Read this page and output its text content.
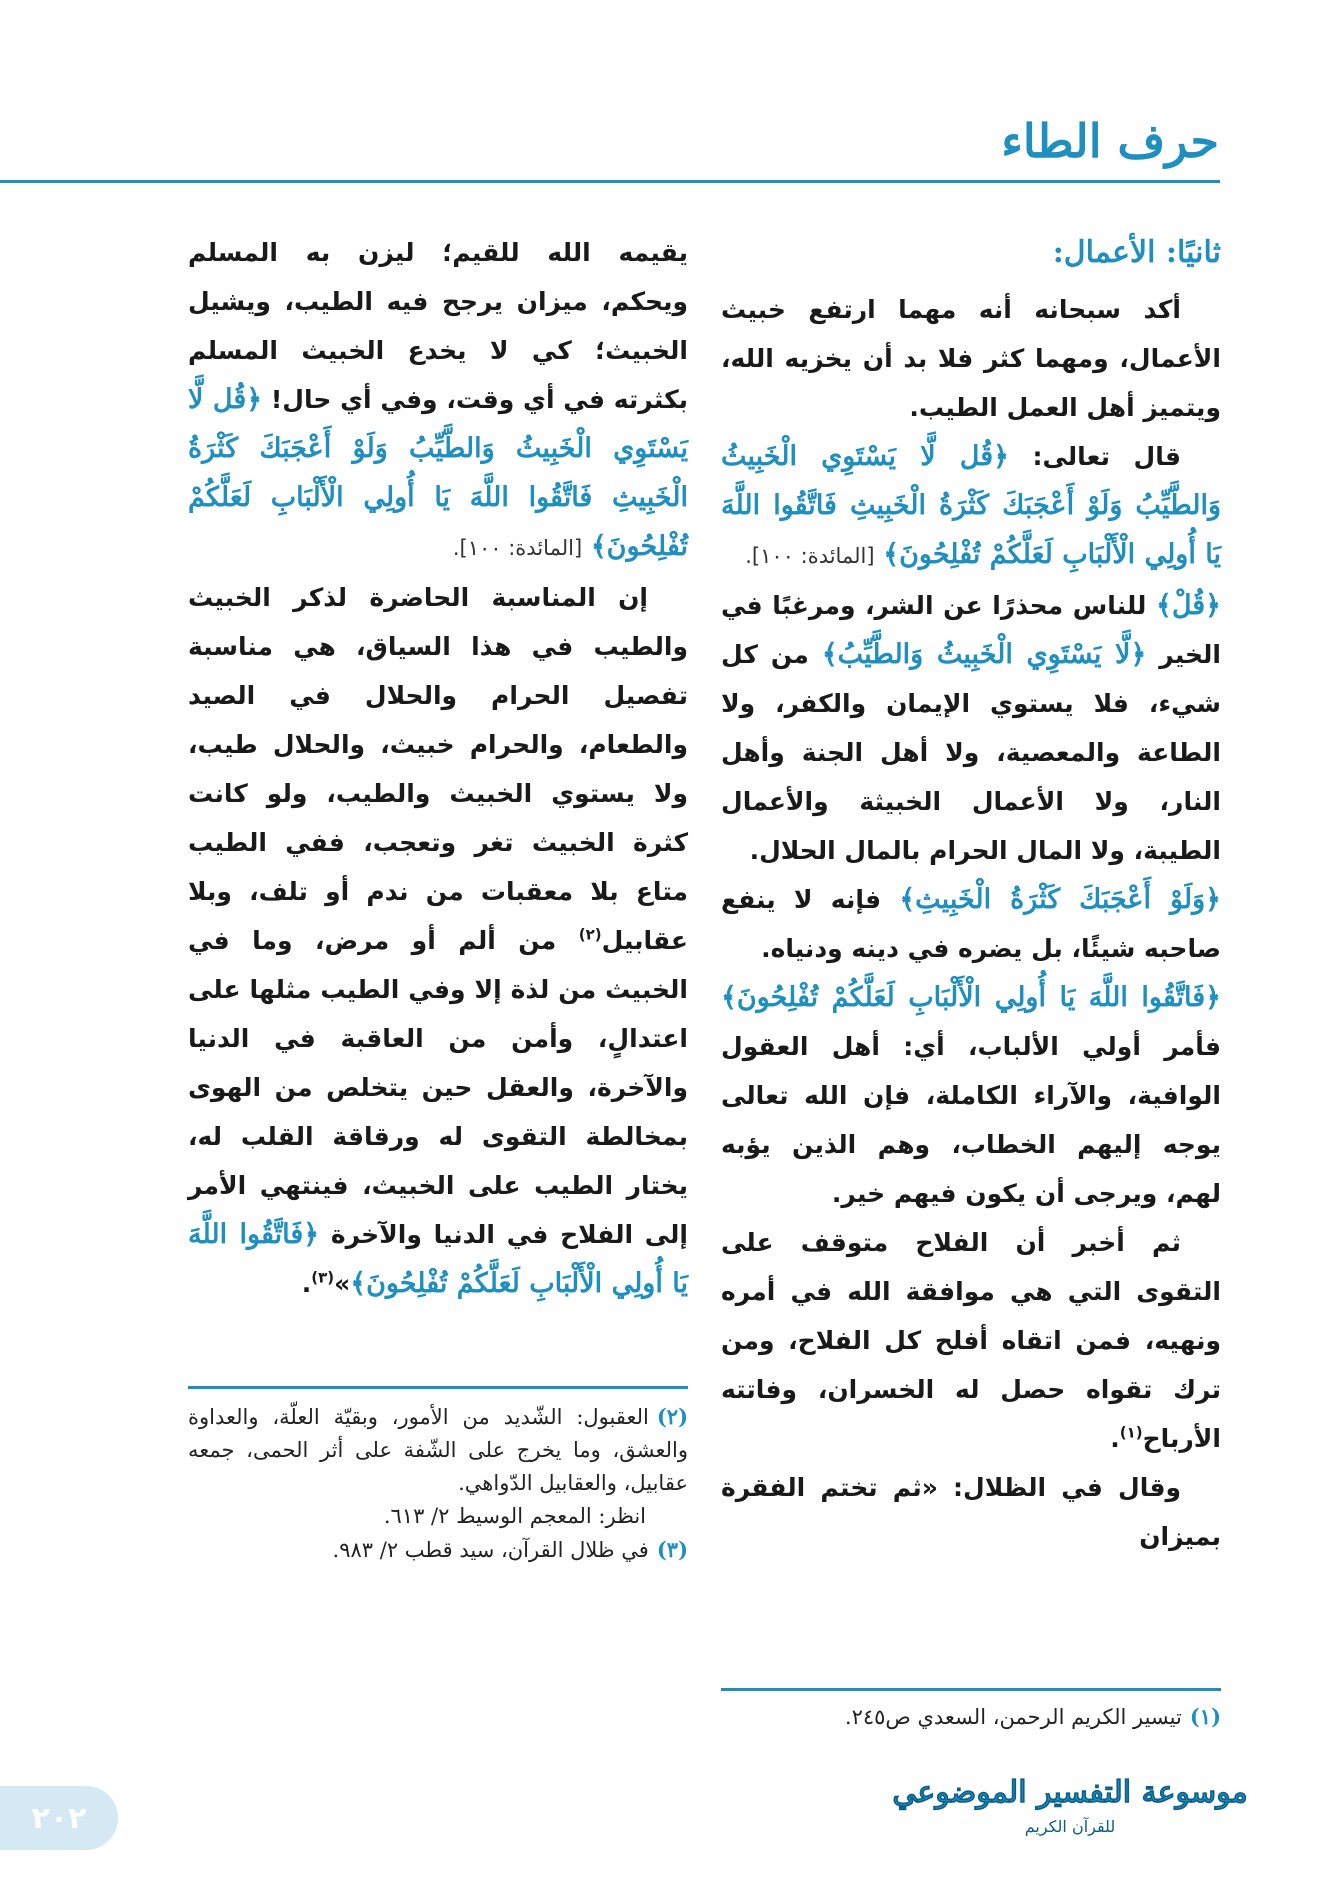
حرف الطاء
ثانيًا: الأعمال:

أكد سبحانه أنه مهما ارتفع خبيث الأعمال، ومهما كثر فلا بد أن يخزيه الله، ويتميز أهل العمل الطيب.

قال تعالى: ﴿قُل لَّا يَسْتَوِي الْخَبِيثُ وَالطَّيِّبُ وَلَوْ أَعْجَبَكَ كَثْرَةُ الْخَبِيثِ فَاتَّقُوا اللَّهَ يَا أُولِي الْأَلْبَابِ لَعَلَّكُمْ تُفْلِحُونَ﴾ [المائدة: ١٠٠].

﴿قُلْ﴾ للناس محذرًا عن الشر، ومرغبًا في الخير ﴿لَّا يَسْتَوِي الْخَبِيثُ وَالطَّيِّبُ﴾ من كل شيء، فلا يستوي الإيمان والكفر، ولا الطاعة والمعصية، ولا أهل الجنة وأهل النار، ولا الأعمال الخبيثة والأعمال الطيبة، ولا المال الحرام بالمال الحلال.

﴿وَلَوْ أَعْجَبَكَ كَثْرَةُ الْخَبِيثِ﴾ فإنه لا ينفع صاحبه شيئًا، بل يضره في دينه ودنياه.

﴿فَاتَّقُوا اللَّهَ يَا أُولِي الْأَلْبَابِ لَعَلَّكُمْ تُفْلِحُونَ﴾ فأمر أولي الألباب، أي: أهل العقول الوافية، والآراء الكاملة، فإن الله تعالى يوجه إليهم الخطاب، وهم الذين يؤبه لهم، ويرجى أن يكون فيهم خير.

ثم أخبر أن الفلاح متوقف على التقوى التي هي موافقة الله في أمره ونهيه، فمن اتقاه أفلح كل الفلاح، ومن ترك تقواه حصل له الخسران، وفاتته الأرباح$^{(١)}$.

وقال في الظلال: «ثم تختم الفقرة بميزان

يقيمه الله للقيم؛ ليزن به المسلم ويحكم، ميزان يرجح فيه الطيب، ويشيل الخبيث؛ كي لا يخدع الخبيث المسلم بكثرته في أي وقت، وفي أي حال! ﴿قُل لَّا يَسْتَوِي الْخَبِيثُ وَالطَّيِّبُ وَلَوْ أَعْجَبَكَ كَثْرَةُ الْخَبِيثِ فَاتَّقُوا اللَّهَ يَا أُولِي الْأَلْبَابِ لَعَلَّكُمْ تُفْلِحُونَ﴾ [المائدة: ١٠٠].

إن المناسبة الحاضرة لذكر الخبيث والطيب في هذا السياق، هي مناسبة تفصيل الحرام والحلال في الصيد والطعام، والحرام خبيث، والحلال طيب، ولا يستوي الخبيث والطيب، ولو كانت كثرة الخبيث تغر وتعجب، ففي الطيب متاع بلا معقبات من ندم أو تلف، وبلا عقابيل$^{(٢)}$ من ألم أو مرض، وما في الخبيث من لذة إلا وفي الطيب مثلها على اعتدالٍ، وأمن من العاقبة في الدنيا والآخرة، والعقل حين يتخلص من الهوى بمخالطة التقوى له ورقاقة القلب له، يختار الطيب على الخبيث، فينتهي الأمر إلى الفلاح في الدنيا والآخرة ﴿فَاتَّقُوا اللَّهَ يَا أُولِي الْأَلْبَابِ لَعَلَّكُمْ تُفْلِحُونَ﴾»$^{(٣)}$.

(١)تيسير الكريم الرحمن، السعدي ص٢٤٥.

(٢)العقبول: الشّديد من الأمور، وبقيّة العلّة، والعداوة والعشق، وما يخرج على الشّفة على أثر الحمى، جمعه عقابيل، والعقابيل الدّواهي.

انظر: المعجم الوسيط ٢/ ٦١٣.

(٣)في ظلال القرآن، سيد قطب ٢/ ٩٨٣.

موسوعة التفسير الموضوعي
للقرآن الكريم
٢٠٢
